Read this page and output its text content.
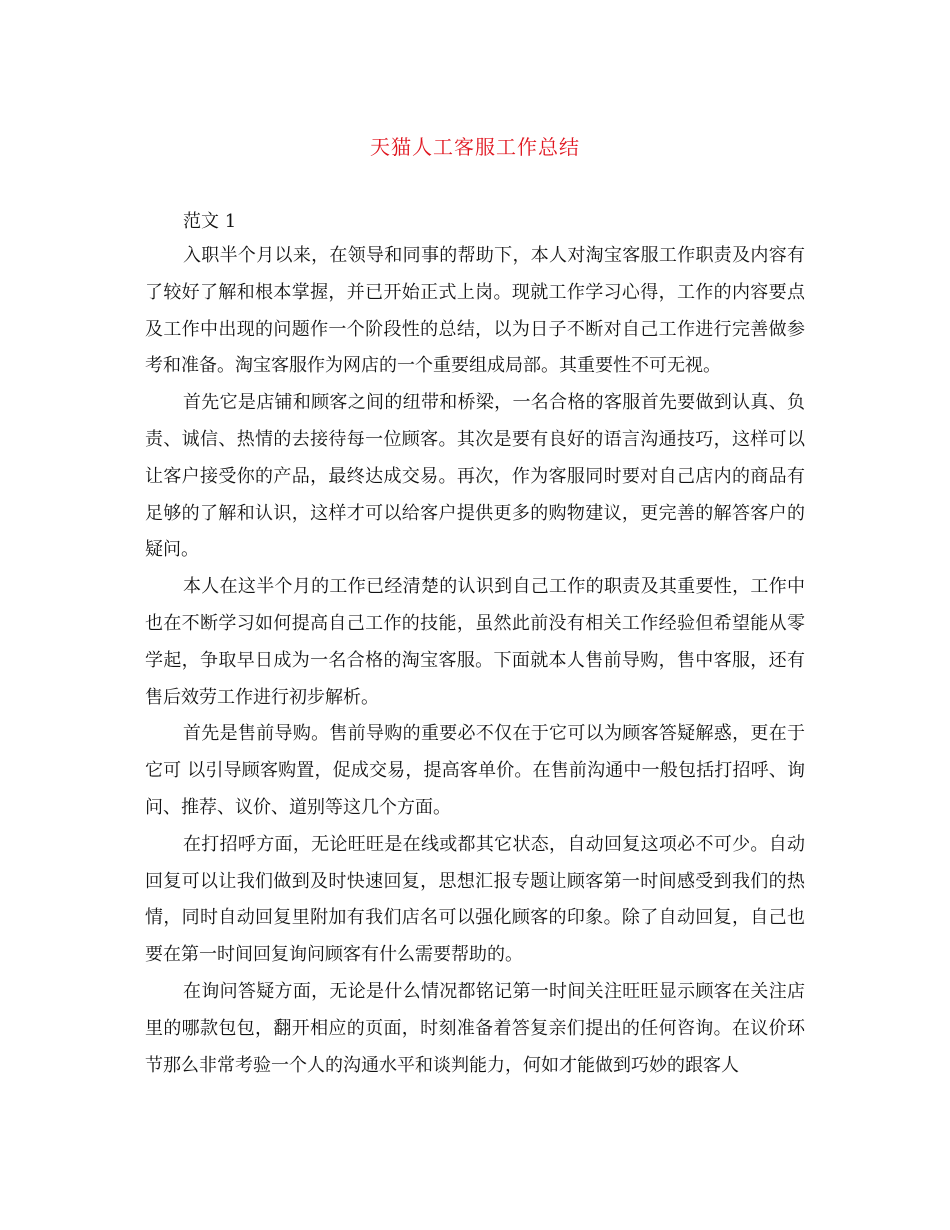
天猫人工客服工作总结
范文 1

入职半个月以来，在领导和同事的帮助下，本人对淘宝客服工作职责及内容有了较好了解和根本掌握，并已开始正式上岗。现就工作学习心得，工作的内容要点及工作中出现的问题作一个阶段性的总结，以为日子不断对自己工作进行完善做参考和准备。淘宝客服作为网店的一个重要组成局部。其重要性不可无视。

首先它是店铺和顾客之间的纽带和桥梁，一名合格的客服首先要做到认真、负责、诚信、热情的去接待每一位顾客。其次是要有良好的语言沟通技巧，这样可以让客户接受你的产品，最终达成交易。再次，作为客服同时要对自己店内的商品有足够的了解和认识，这样才可以给客户提供更多的购物建议，更完善的解答客户的疑问。

本人在这半个月的工作已经清楚的认识到自己工作的职责及其重要性，工作中也在不断学习如何提高自己工作的技能，虽然此前没有相关工作经验但希望能从零学起，争取早日成为一名合格的淘宝客服。下面就本人售前导购，售中客服，还有售后效劳工作进行初步解析。

首先是售前导购。售前导购的重要必不仅在于它可以为顾客答疑解惑，更在于它可 以引导顾客购置，促成交易，提高客单价。在售前沟通中一般包括打招呼、询问、推荐、议价、道别等这几个方面。

在打招呼方面，无论旺旺是在线或都其它状态，自动回复这项必不可少。自动回复可以让我们做到及时快速回复，思想汇报专题让顾客第一时间感受到我们的热情，同时自动回复里附加有我们店名可以强化顾客的印象。除了自动回复，自己也要在第一时间回复询问顾客有什么需要帮助的。

在询问答疑方面，无论是什么情况都铭记第一时间关注旺旺显示顾客在关注店里的哪款包包，翻开相应的页面，时刻准备着答复亲们提出的任何咨询。在议价环节那么非常考验一个人的沟通水平和谈判能力，何如才能做到巧妙的跟客人
